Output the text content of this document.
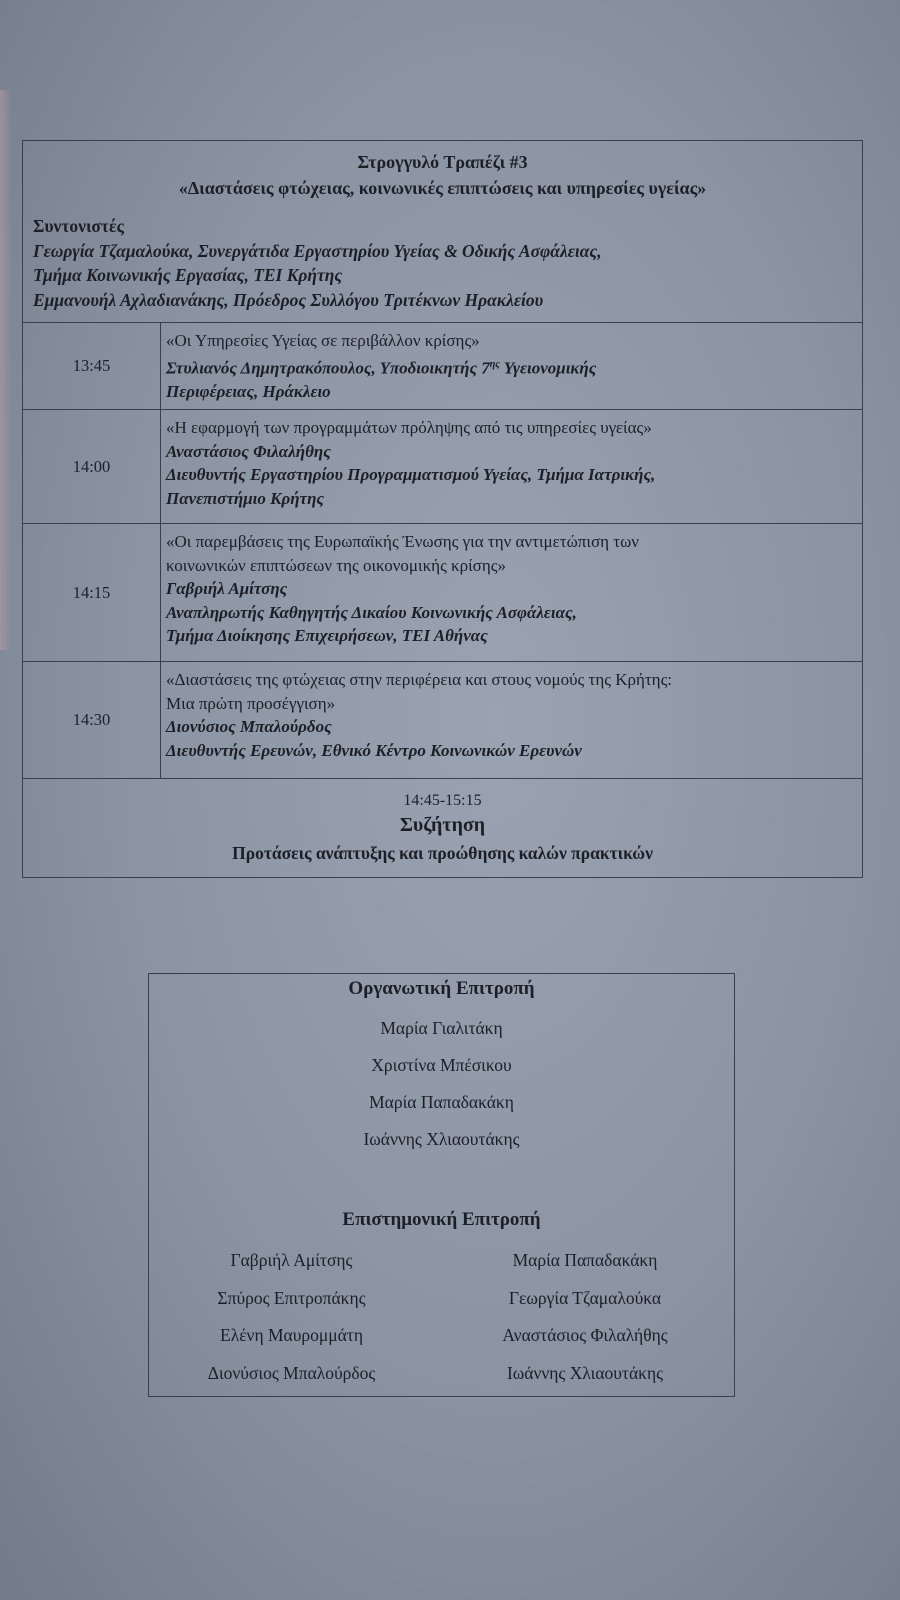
Στρογγυλό Τραπέζι #3
«Διαστάσεις φτώχειας, κοινωνικές επιπτώσεις και υπηρεσίες υγείας»
Συντονιστές
Γεωργία Τζαμαλούκα, Συνεργάτιδα Εργαστηρίου Υγείας & Οδικής Ασφάλειας,
Τμήμα Κοινωνικής Εργασίας, ΤΕΙ Κρήτης
Εμμανουήλ Αχλαδιανάκης, Πρόεδρος Συλλόγου Τριτέκνων Ηρακλείου
13:45
«Οι Υπηρεσίες Υγείας σε περιβάλλον κρίσης»
Στυλιανός Δημητρακόπουλος, Υποδιοικητής $7^{\eta\varsigma}$ Υγειονομικής
Περιφέρειας, Ηράκλειο
14:00
«Η εφαρμογή των προγραμμάτων πρόληψης από τις υπηρεσίες υγείας»
Αναστάσιος Φιλαλήθης
Διευθυντής Εργαστηρίου Προγραμματισμού Υγείας, Τμήμα Ιατρικής,
Πανεπιστήμιο Κρήτης
14:15
«Οι παρεμβάσεις της Ευρωπαϊκής Ένωσης για την αντιμετώπιση των
κοινωνικών επιπτώσεων της οικονομικής κρίσης»
Γαβριήλ Αμίτσης
Αναπληρωτής Καθηγητής Δικαίου Κοινωνικής Ασφάλειας,
Τμήμα Διοίκησης Επιχειρήσεων, ΤΕΙ Αθήνας
14:30
«Διαστάσεις της φτώχειας στην περιφέρεια και στους νομούς της Κρήτης:
Μια πρώτη προσέγγιση»
Διονύσιος Μπαλούρδος
Διευθυντής Ερευνών, Εθνικό Κέντρο Κοινωνικών Ερευνών
14:45-15:15
Συζήτηση
Προτάσεις ανάπτυξης και προώθησης καλών πρακτικών
Οργανωτική Επιτροπή
Μαρία Γιαλιτάκη
Χριστίνα Μπέσικου
Μαρία Παπαδακάκη
Ιωάννης Χλιαουτάκης
Επιστημονική Επιτροπή
Γαβριήλ Αμίτσης	Μαρία Παπαδακάκη
Σπύρος Επιτροπάκης	Γεωργία Τζαμαλούκα
Ελένη Μαυρομμάτη	Αναστάσιος Φιλαλήθης
Διονύσιος Μπαλούρδος	Ιωάννης Χλιαουτάκης
